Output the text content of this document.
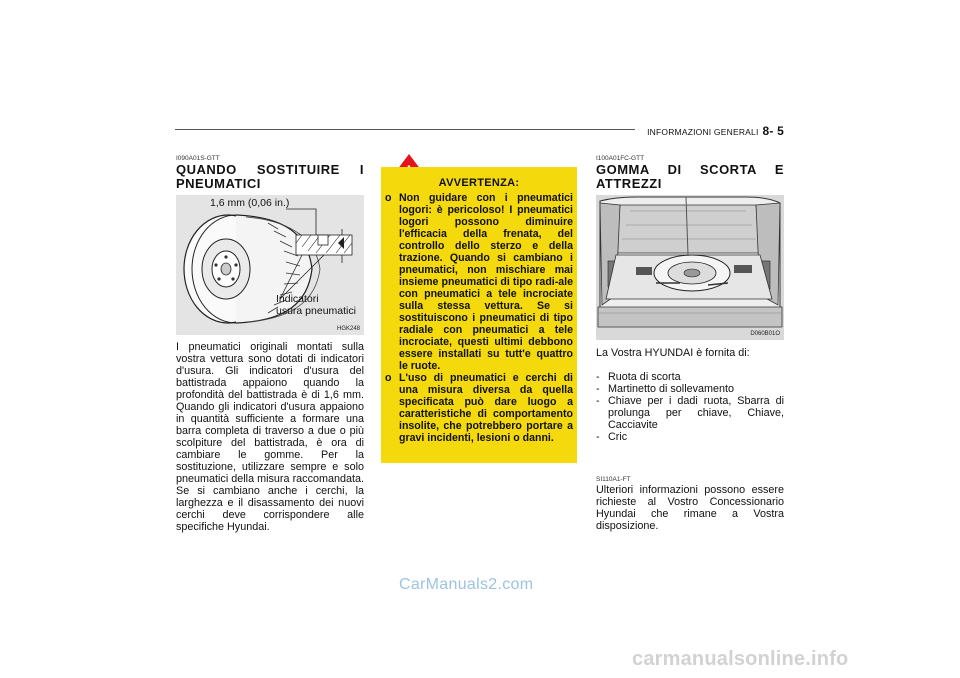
INFORMAZIONI GENERALI 8- 5
I090A01S-GTT
QUANDO SOSTITUIRE I
PNEUMATICI
1,6 mm (0,06 in.)
Indicatori
usura pneumatici
HGK248
I pneumatici originali montati sulla vostra vettura sono dotati di indicatori d'usura. Gli indicatori d'usura del battistrada appaiono quando la profondità del battistrada è di 1,6 mm. Quando gli indicatori d'usura appaiono in quantità sufficiente a formare una barra completa di traverso a due o più scolpiture del battistrada, è ora di cambiare le gomme. Per la sostituzione, utilizzare sempre e solo pneumatici della misura raccomandata. Se si cambiano anche i cerchi, la larghezza e il disassamento dei nuovi cerchi deve corrispondere alle specifiche Hyundai.
AVVERTENZA:
o Non guidare con i pneumatici logori: è pericoloso! I pneumatici logori possono diminuire l'efficacia della frenata, del controllo dello sterzo e della trazione. Quando si cambiano i pneumatici, non mischiare mai insieme pneumatici di tipo radi-ale con pneumatici a tele incrociate sulla stessa vettura. Se si sostituiscono i pneumatici di tipo radiale con pneumatici a tele incrociate, questi ultimi debbono essere installati su tutt'e quattro le ruote.
o L'uso di pneumatici e cerchi di una misura diversa da quella specificata può dare luogo a caratteristiche di comportamento insolite, che potrebbero portare a gravi incidenti, lesioni o danni.
I100A01FC-GTT
GOMMA DI SCORTA E
ATTREZZI
D060B01O
La Vostra HYUNDAI è fornita di:
- Ruota di scorta
- Martinetto di sollevamento
- Chiave per i dadi ruota, Sbarra di prolunga per chiave, Chiave, Cacciavite
- Cric
SI110A1-FT
Ulteriori informazioni possono essere richieste al Vostro Concessionario Hyundai che rimane a Vostra disposizione.
CarManuals2.com
carmanualsonline.info
